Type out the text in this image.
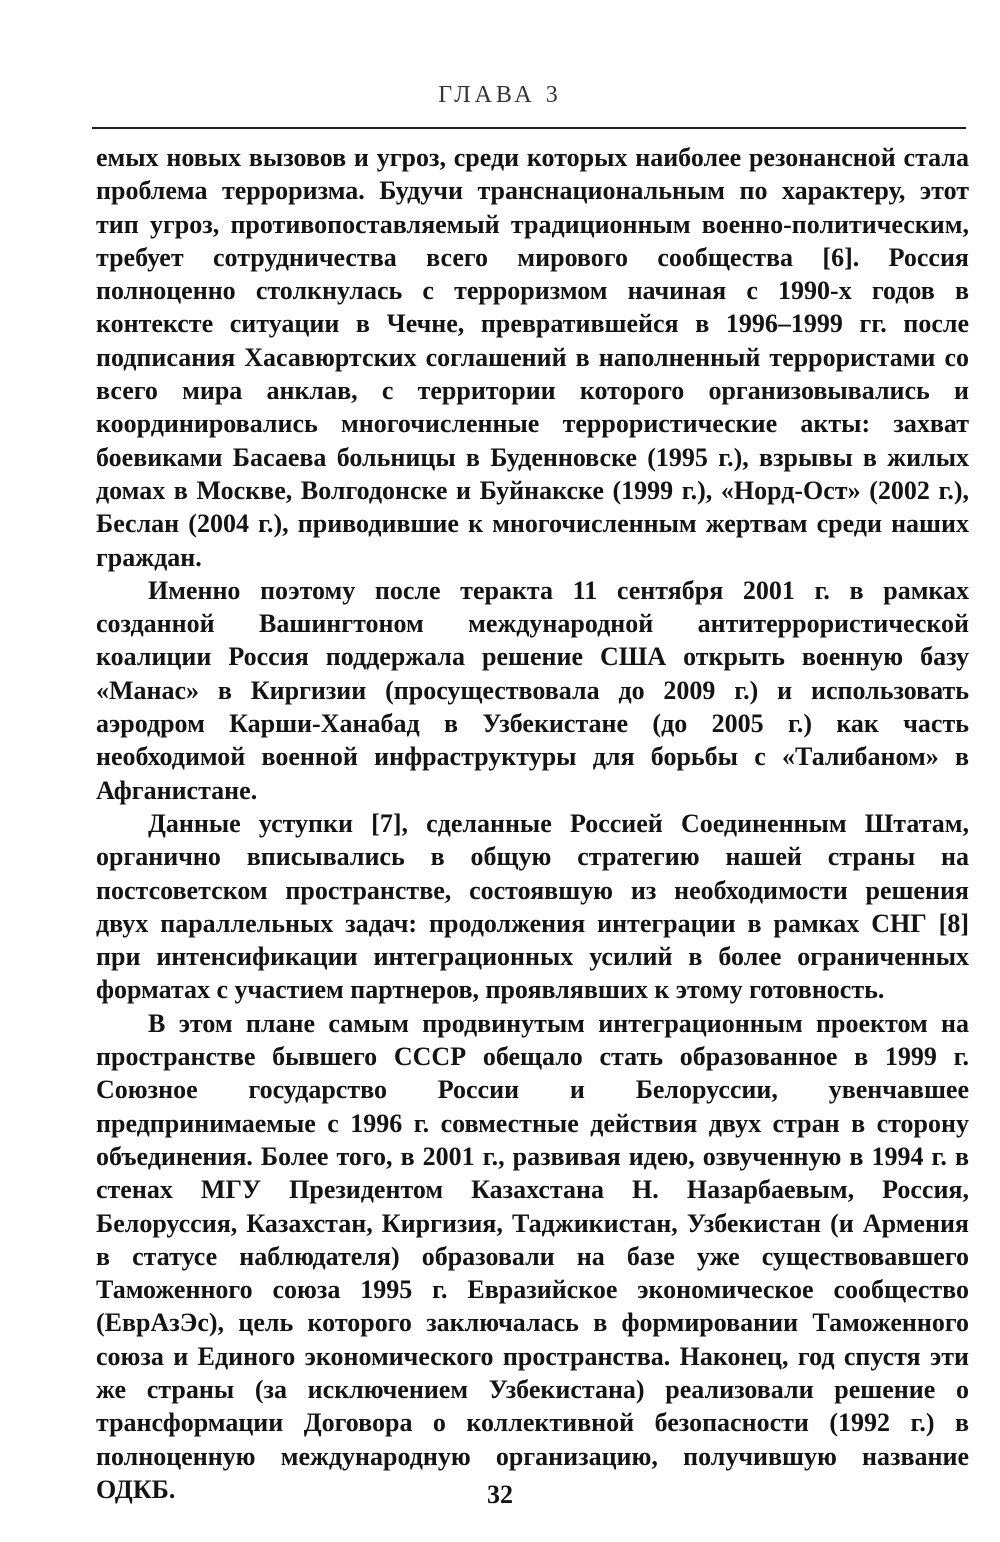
ГЛАВА 3

емых новых вызовов и угроз, среди которых наиболее резонансной стала проблема терроризма. Будучи транснациональным по характеру, этот тип угроз, противопоставляемый традиционным военно-политическим, требует сотрудничества всего мирового сообщества [6]. Россия полноценно столкнулась с терроризмом начиная с 1990-х годов в контексте ситуации в Чечне, превратившейся в 1996–1999 гг. после подписания Хасавюртских соглашений в наполненный террористами со всего мира анклав, с территории которого организовывались и координировались многочисленные террористические акты: захват боевиками Басаева больницы в Буденновске (1995 г.), взрывы в жилых домах в Москве, Волгодонске и Буйнакске (1999 г.), «Норд-Ост» (2002 г.), Беслан (2004 г.), приводившие к многочисленным жертвам среди наших граждан.

Именно поэтому после теракта 11 сентября 2001 г. в рамках созданной Вашингтоном международной антитеррористической коалиции Россия поддержала решение США открыть военную базу «Манас» в Киргизии (просуществовала до 2009 г.) и использовать аэродром Карши-Ханабад в Узбекистане (до 2005 г.) как часть необходимой военной инфраструктуры для борьбы с «Талибаном» в Афганистане.

Данные уступки [7], сделанные Россией Соединенным Штатам, органично вписывались в общую стратегию нашей страны на постсоветском пространстве, состоявшую из необходимости решения двух параллельных задач: продолжения интеграции в рамках СНГ [8] при интенсификации интеграционных усилий в более ограниченных форматах с участием партнеров, проявлявших к этому готовность.

В этом плане самым продвинутым интеграционным проектом на пространстве бывшего СССР обещало стать образованное в 1999 г. Союзное государство России и Белоруссии, увенчавшее предпринимаемые с 1996 г. совместные действия двух стран в сторону объединения. Более того, в 2001 г., развивая идею, озвученную в 1994 г. в стенах МГУ Президентом Казахстана Н. Назарбаевым, Россия, Белоруссия, Казахстан, Киргизия, Таджикистан, Узбекистан (и Армения в статусе наблюдателя) образовали на базе уже существовавшего Таможенного союза 1995 г. Евразийское экономическое сообщество (ЕврАзЭс), цель которого заключалась в формировании Таможенного союза и Единого экономического пространства. Наконец, год спустя эти же страны (за исключением Узбекистана) реализовали решение о трансформации Договора о коллективной безопасности (1992 г.) в полноценную международную организацию, получившую название ОДКБ.	32
